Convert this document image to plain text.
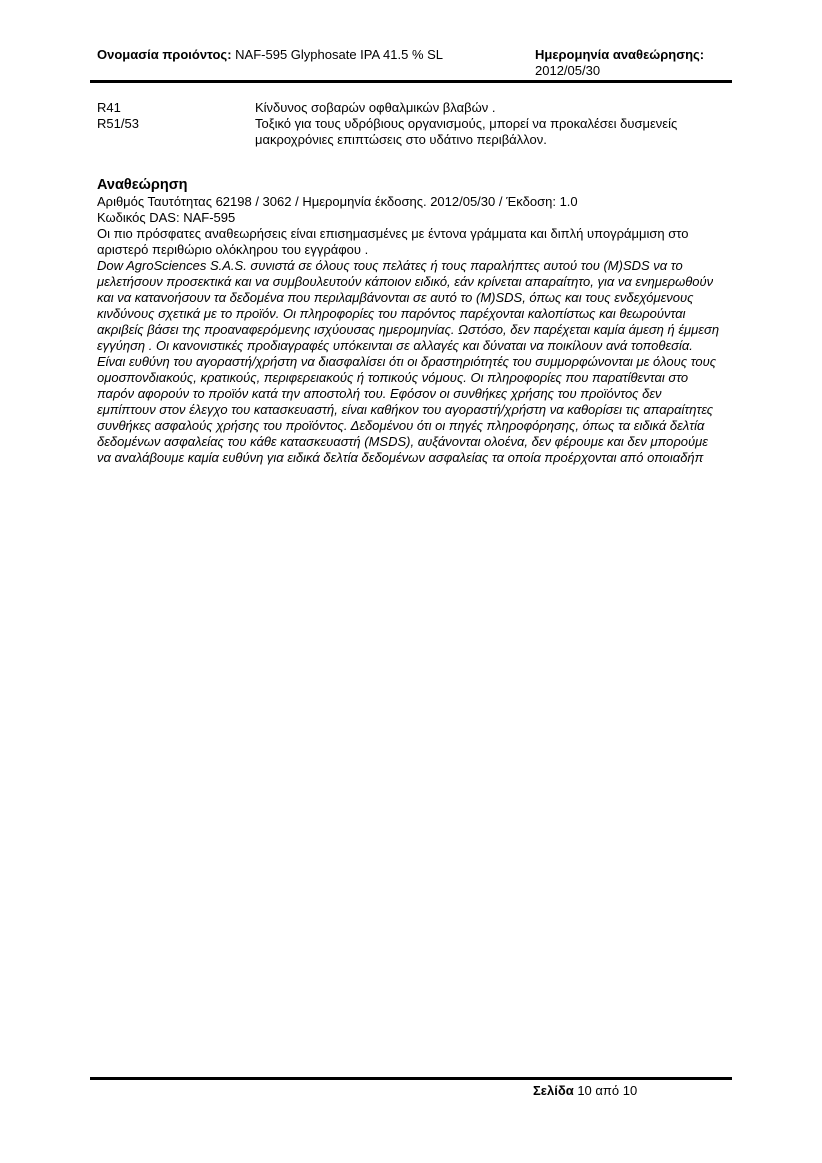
Ονομασία προιόντος: NAF-595 Glyphosate IPA 41.5 % SL	Ημερομηνία αναθεώρησης:
2012/05/30
R41	Κίνδυνος σοβαρών οφθαλμικών βλαβών .
R51/53	Τοξικό για τους υδρόβιους οργανισμούς, μπορεί να προκαλέσει δυσμενείς μακροχρόνιες επιπτώσεις στο υδάτινο περιβάλλον.

Αναθεώρηση

Αριθμός Ταυτότητας 62198 / 3062 / Ημερομηνία έκδοσης. 2012/05/30 / Έκδοση: 1.0

Κωδικός DAS: NAF-595

Οι πιο πρόσφατες αναθεωρήσεις είναι επισημασμένες με έντονα γράμματα και διπλή υπογράμμιση στο αριστερό περιθώριο ολόκληρου του εγγράφου .

Dow AgroSciences S.A.S. συνιστά σε όλους τους πελάτες ή τους παραλήπτες αυτού του (M)SDS να το μελετήσουν προσεκτικά και να συμβουλευτούν κάποιον ειδικό, εάν κρίνεται απαραίτητο, για να ενημερωθούν και να κατανοήσουν τα δεδομένα που περιλαμβάνονται σε αυτό το (M)SDS, όπως και τους ενδεχόμενους κινδύνους σχετικά με το προϊόν. Οι πληροφορίες του παρόντος παρέχονται καλοπίστως και θεωρούνται ακριβείς βάσει της προαναφερόμενης ισχύουσας ημερομηνίας. Ωστόσο, δεν παρέχεται καμία άμεση ή έμμεση εγγύηση . Οι κανονιστικές προδιαγραφές υπόκεινται σε αλλαγές και δύναται να ποικίλουν ανά τοποθεσία. Είναι ευθύνη του αγοραστή/χρήστη να διασφαλίσει ότι οι δραστηριότητές του συμμορφώνονται με όλους τους ομοσπονδιακούς, κρατικούς, περιφερειακούς ή τοπικούς νόμους. Οι πληροφορίες που παρατίθενται στο παρόν αφορούν το προϊόν κατά την αποστολή του. Εφόσον οι συνθήκες χρήσης του προϊόντος δεν εμπίπτουν στον έλεγχο του κατασκευαστή, είναι καθήκον του αγοραστή/χρήστη να καθορίσει τις απαραίτητες συνθήκες ασφαλούς χρήσης του προϊόντος. Δεδομένου ότι οι πηγές πληροφόρησης, όπως τα ειδικά δελτία δεδομένων ασφαλείας του κάθε κατασκευαστή (MSDS), αυξάνονται ολοένα, δεν φέρουμε και δεν μπορούμε να αναλάβουμε καμία ευθύνη για ειδικά δελτία δεδομένων ασφαλείας τα οποία προέρχονται από οποιαδήπ

Σελίδα 10 από 10
